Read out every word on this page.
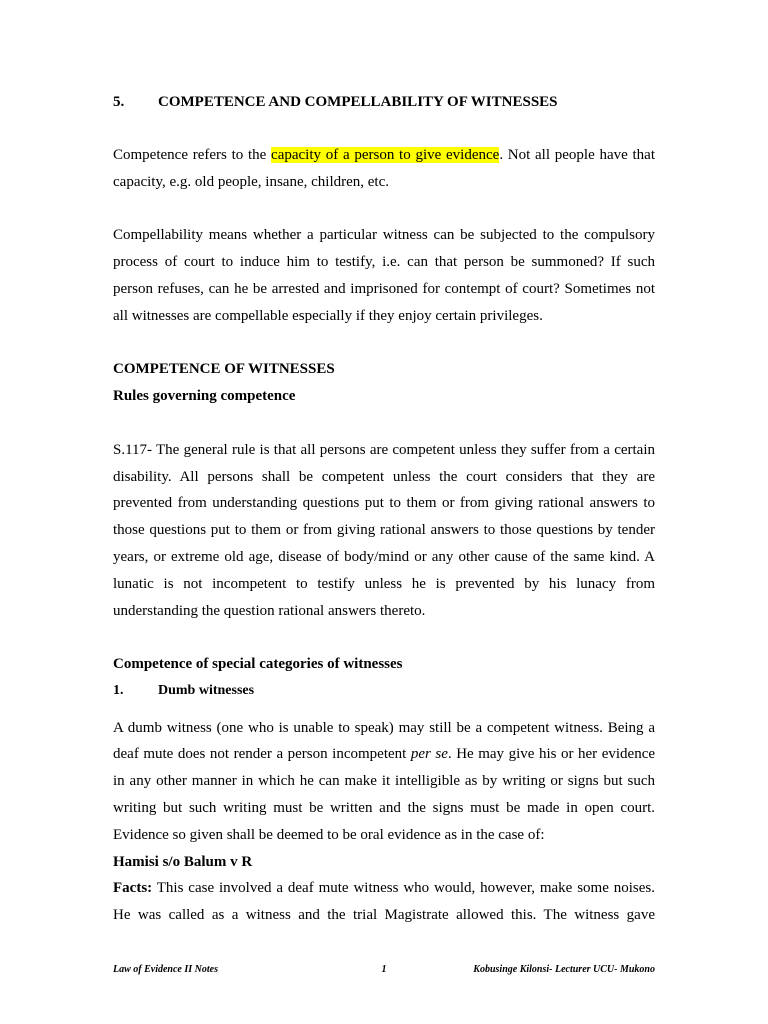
5. COMPETENCE AND COMPELLABILITY OF WITNESSES
Competence refers to the capacity of a person to give evidence. Not all people have that
capacity, e.g. old people, insane, children, etc.
Compellability means whether a particular witness can be subjected to the compulsory
process of court to induce him to testify, i.e. can that person be summoned? If such
person refuses, can he be arrested and imprisoned for contempt of court? Sometimes not
all witnesses are compellable especially if they enjoy certain privileges.
COMPETENCE OF WITNESSES
Rules governing competence
S.117- The general rule is that all persons are competent unless they suffer from a certain
disability. All persons shall be competent unless the court considers that they are
prevented from understanding questions put to them or from giving rational answers to
those questions put to them or from giving rational answers to those questions by tender
years, or extreme old age, disease of body/mind or any other cause of the same kind. A
lunatic is not incompetent to testify unless he is prevented by his lunacy from
understanding the question rational answers thereto.
Competence of special categories of witnesses
1. Dumb witnesses
A dumb witness (one who is unable to speak) may still be a competent witness. Being a
deaf mute does not render a person incompetent per se. He may give his or her evidence
in any other manner in which he can make it intelligible as by writing or signs but such
writing but such writing must be written and the signs must be made in open court.
Evidence so given shall be deemed to be oral evidence as in the case of:
Hamisi s/o Balum v R
Facts: This case involved a deaf mute witness who would, however, make some noises.
He was called as a witness and the trial Magistrate allowed this. The witness gave
Law of Evidence II Notes	1	Kobusinge Kilonsi- Lecturer UCU- Mukono
